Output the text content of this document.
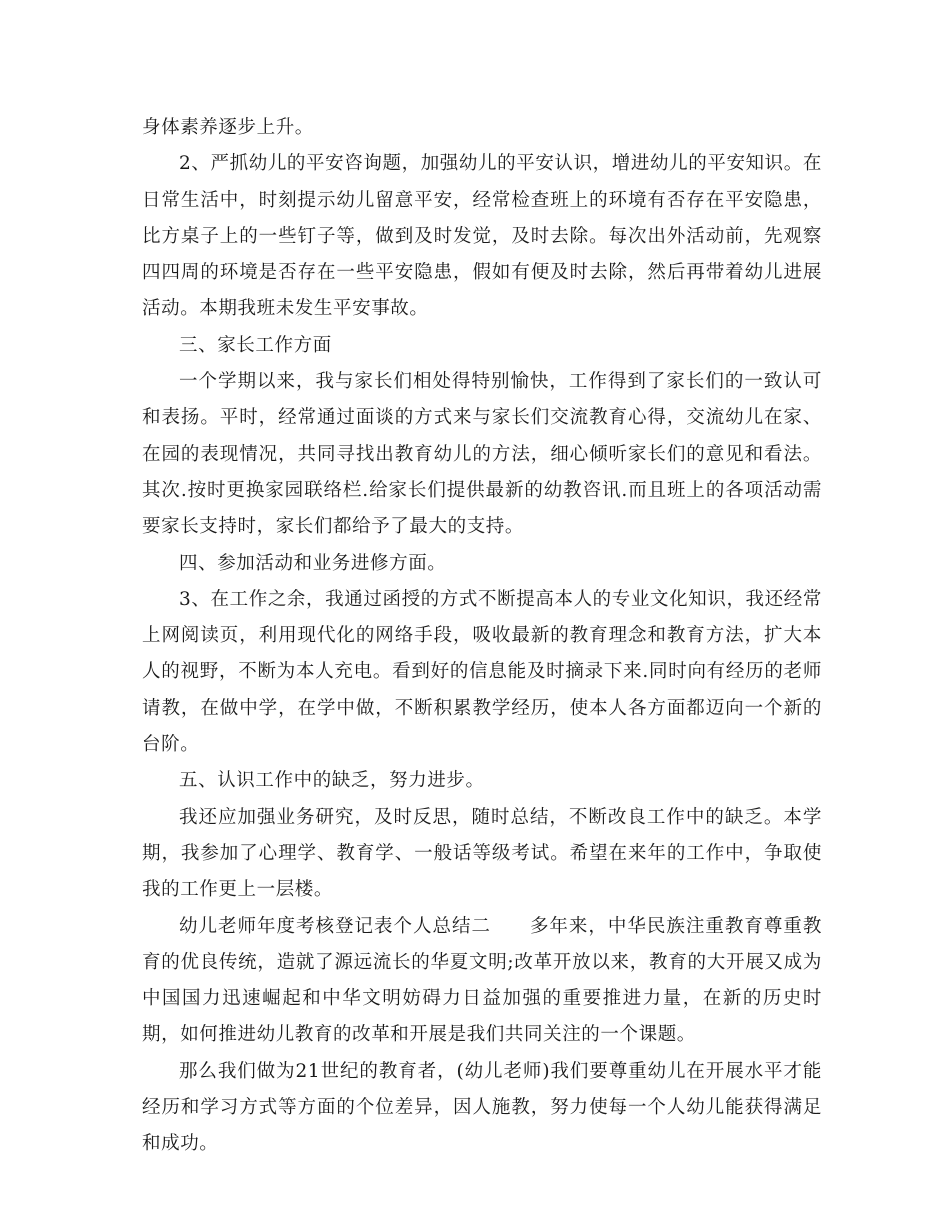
身体素养逐步上升。

2、严抓幼儿的平安咨询题，加强幼儿的平安认识，增进幼儿的平安知识。在日常生活中，时刻提示幼儿留意平安，经常检查班上的环境有否存在平安隐患，比方桌子上的一些钉子等，做到及时发觉，及时去除。每次出外活动前，先观察四四周的环境是否存在一些平安隐患，假如有便及时去除，然后再带着幼儿进展活动。本期我班未发生平安事故。

三、家长工作方面

一个学期以来，我与家长们相处得特别愉快，工作得到了家长们的一致认可和表扬。平时，经常通过面谈的方式来与家长们交流教育心得，交流幼儿在家、在园的表现情况，共同寻找出教育幼儿的方法，细心倾听家长们的意见和看法。其次.按时更换家园联络栏.给家长们提供最新的幼教咨讯.而且班上的各项活动需要家长支持时，家长们都给予了最大的支持。

四、参加活动和业务进修方面。

3、在工作之余，我通过函授的方式不断提高本人的专业文化知识，我还经常上网阅读页，利用现代化的网络手段，吸收最新的教育理念和教育方法，扩大本人的视野，不断为本人充电。看到好的信息能及时摘录下来.同时向有经历的老师请教，在做中学，在学中做，不断积累教学经历，使本人各方面都迈向一个新的台阶。

五、认识工作中的缺乏，努力进步。

我还应加强业务研究，及时反思，随时总结，不断改良工作中的缺乏。本学期，我参加了心理学、教育学、一般话等级考试。希望在来年的工作中，争取使我的工作更上一层楼。

幼儿老师年度考核登记表个人总结二　　多年来，中华民族注重教育尊重教育的优良传统，造就了源远流长的华夏文明;改革开放以来，教育的大开展又成为中国国力迅速崛起和中华文明妨碍力日益加强的重要推进力量，在新的历史时期，如何推进幼儿教育的改革和开展是我们共同关注的一个课题。

那么我们做为21世纪的教育者，(幼儿老师)我们要尊重幼儿在开展水平才能经历和学习方式等方面的个位差异，因人施教，努力使每一个人幼儿能获得满足和成功。
